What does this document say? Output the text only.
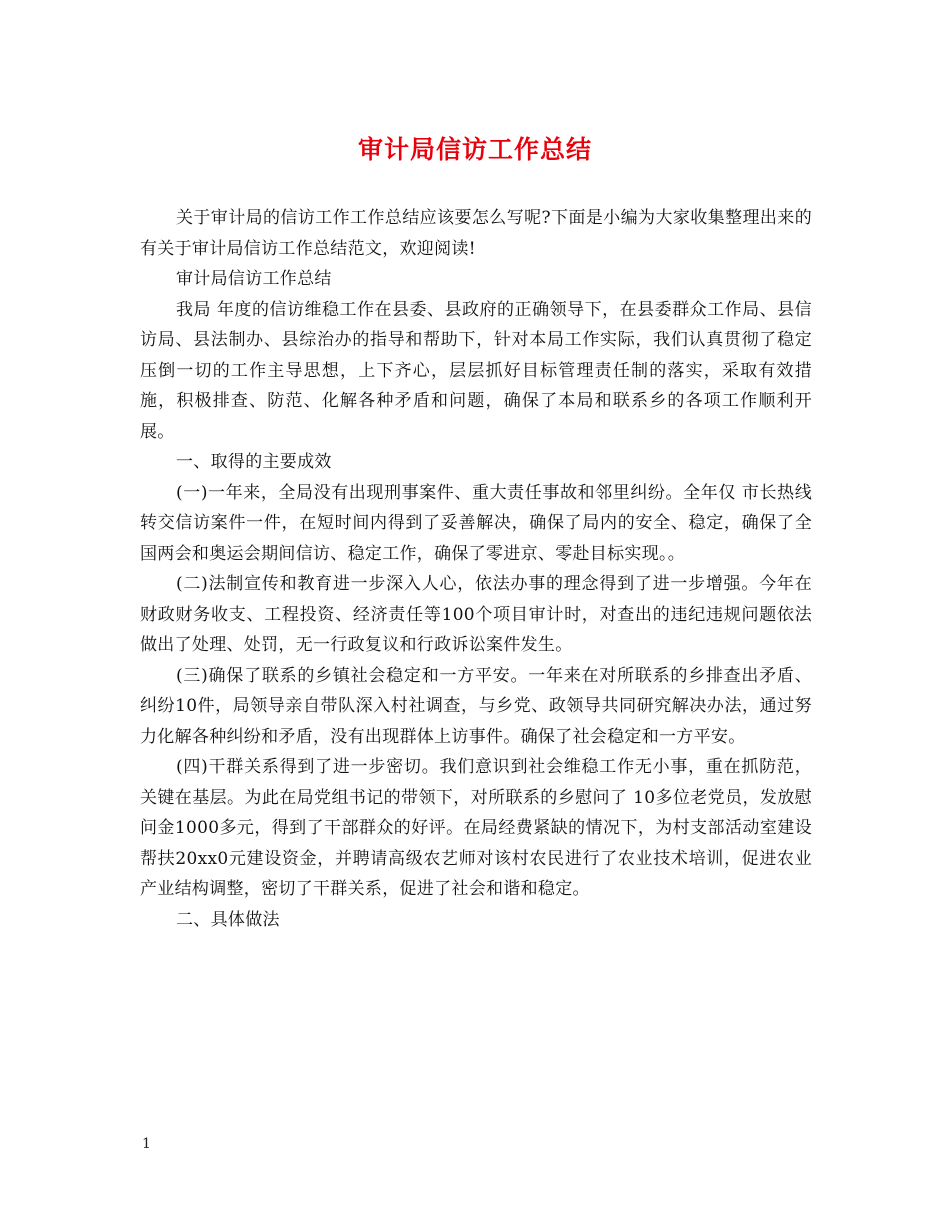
审计局信访工作总结

关于审计局的信访工作工作总结应该要怎么写呢?下面是小编为大家收集整理出来的有关于审计局信访工作总结范文，欢迎阅读!

审计局信访工作总结

我局 年度的信访维稳工作在县委、县政府的正确领导下，在县委群众工作局、县信访局、县法制办、县综治办的指导和帮助下，针对本局工作实际，我们认真贯彻了稳定压倒一切的工作主导思想，上下齐心，层层抓好目标管理责任制的落实，采取有效措施，积极排查、防范、化解各种矛盾和问题，确保了本局和联系乡的各项工作顺利开展。

一、取得的主要成效

(一)一年来，全局没有出现刑事案件、重大责任事故和邻里纠纷。全年仅 市长热线转交信访案件一件，在短时间内得到了妥善解决，确保了局内的安全、稳定，确保了全国两会和奥运会期间信访、稳定工作，确保了零进京、零赴目标实现。。

(二)法制宣传和教育进一步深入人心，依法办事的理念得到了进一步增强。今年在财政财务收支、工程投资、经济责任等100个项目审计时，对查出的违纪违规问题依法做出了处理、处罚，无一行政复议和行政诉讼案件发生。

(三)确保了联系的乡镇社会稳定和一方平安。一年来在对所联系的乡排查出矛盾、纠纷10件，局领导亲自带队深入村社调查，与乡党、政领导共同研究解决办法，通过努力化解各种纠纷和矛盾，没有出现群体上访事件。确保了社会稳定和一方平安。

(四)干群关系得到了进一步密切。我们意识到社会维稳工作无小事，重在抓防范，关键在基层。为此在局党组书记的带领下，对所联系的乡慰问了 10多位老党员，发放慰问金1000多元，得到了干部群众的好评。在局经费紧缺的情况下，为村支部活动室建设帮扶20xx0元建设资金，并聘请高级农艺师对该村农民进行了农业技术培训，促进农业产业结构调整，密切了干群关系，促进了社会和谐和稳定。

二、具体做法

1
